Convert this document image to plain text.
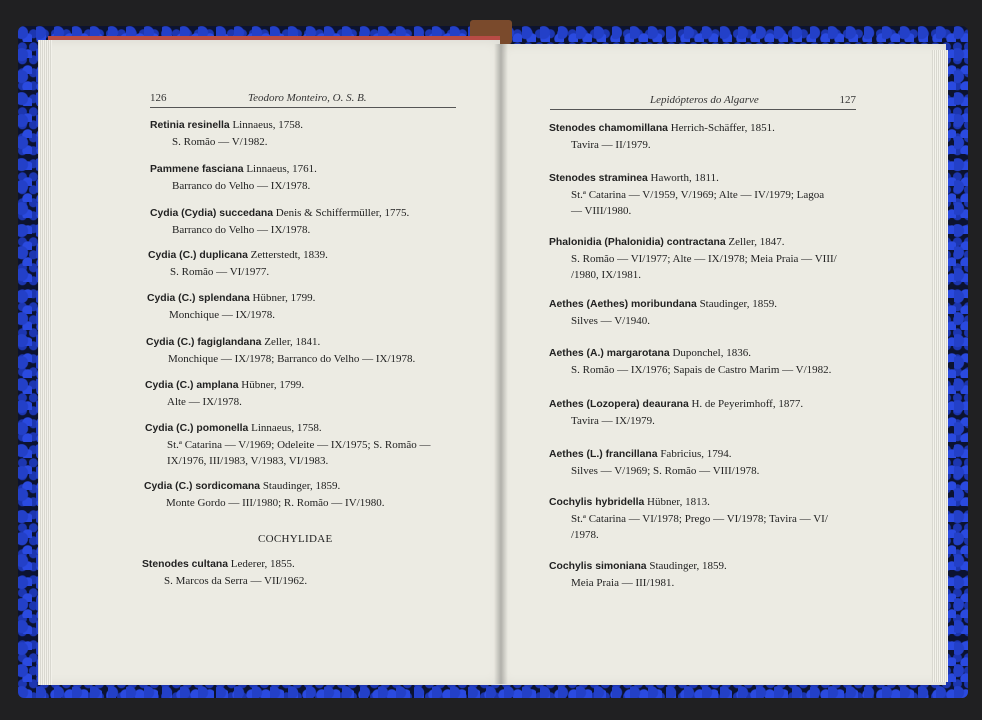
126	Teodoro Monteiro, O. S. B.
Retinia resinella Linnaeus, 1758.
S. Romão — V/1982.
Pammene fasciana Linnaeus, 1761.
Barranco do Velho — IX/1978.
Cydia (Cydia) succedana Denis & Schiffermüller, 1775.
Barranco do Velho — IX/1978.
Cydia (C.) duplicana Zetterstedt, 1839.
S. Romão — VI/1977.
Cydia (C.) splendana Hübner, 1799.
Monchique — IX/1978.
Cydia (C.) fagiglandana Zeller, 1841.
Monchique — IX/1978; Barranco do Velho — IX/1978.
Cydia (C.) amplana Hübner, 1799.
Alte — IX/1978.
Cydia (C.) pomonella Linnaeus, 1758.
St.ª Catarina — V/1969; Odeleite — IX/1975; S. Romão —
IX/1976, III/1983, V/1983, VI/1983.
Cydia (C.) sordicomana Staudinger, 1859.
Monte Gordo — III/1980; R. Romão — IV/1980.
COCHYLIDAE
Stenodes cultana Lederer, 1855.
S. Marcos da Serra — VII/1962.
Lepidópteros do Algarve	127
Stenodes chamomillana Herrich-Schäffer, 1851.
Tavira — II/1979.
Stenodes straminea Haworth, 1811.
St.ª Catarina — V/1959, V/1969; Alte — IV/1979; Lagoa
— VIII/1980.
Phalonidia (Phalonidia) contractana Zeller, 1847.
S. Romão — VI/1977; Alte — IX/1978; Meia Praia — VIII/
/1980, IX/1981.
Aethes (Aethes) moribundana Staudinger, 1859.
Silves — V/1940.
Aethes (A.) margarotana Duponchel, 1836.
S. Romão — IX/1976; Sapais de Castro Marim — V/1982.
Aethes (Lozopera) deaurana H. de Peyerimhoff, 1877.
Tavira — IX/1979.
Aethes (L.) francillana Fabricius, 1794.
Silves — V/1969; S. Romão — VIII/1978.
Cochylis hybridella Hübner, 1813.
St.ª Catarina — VI/1978; Prego — VI/1978; Tavira — VI/
/1978.
Cochylis simoniana Staudinger, 1859.
Meia Praia — III/1981.
